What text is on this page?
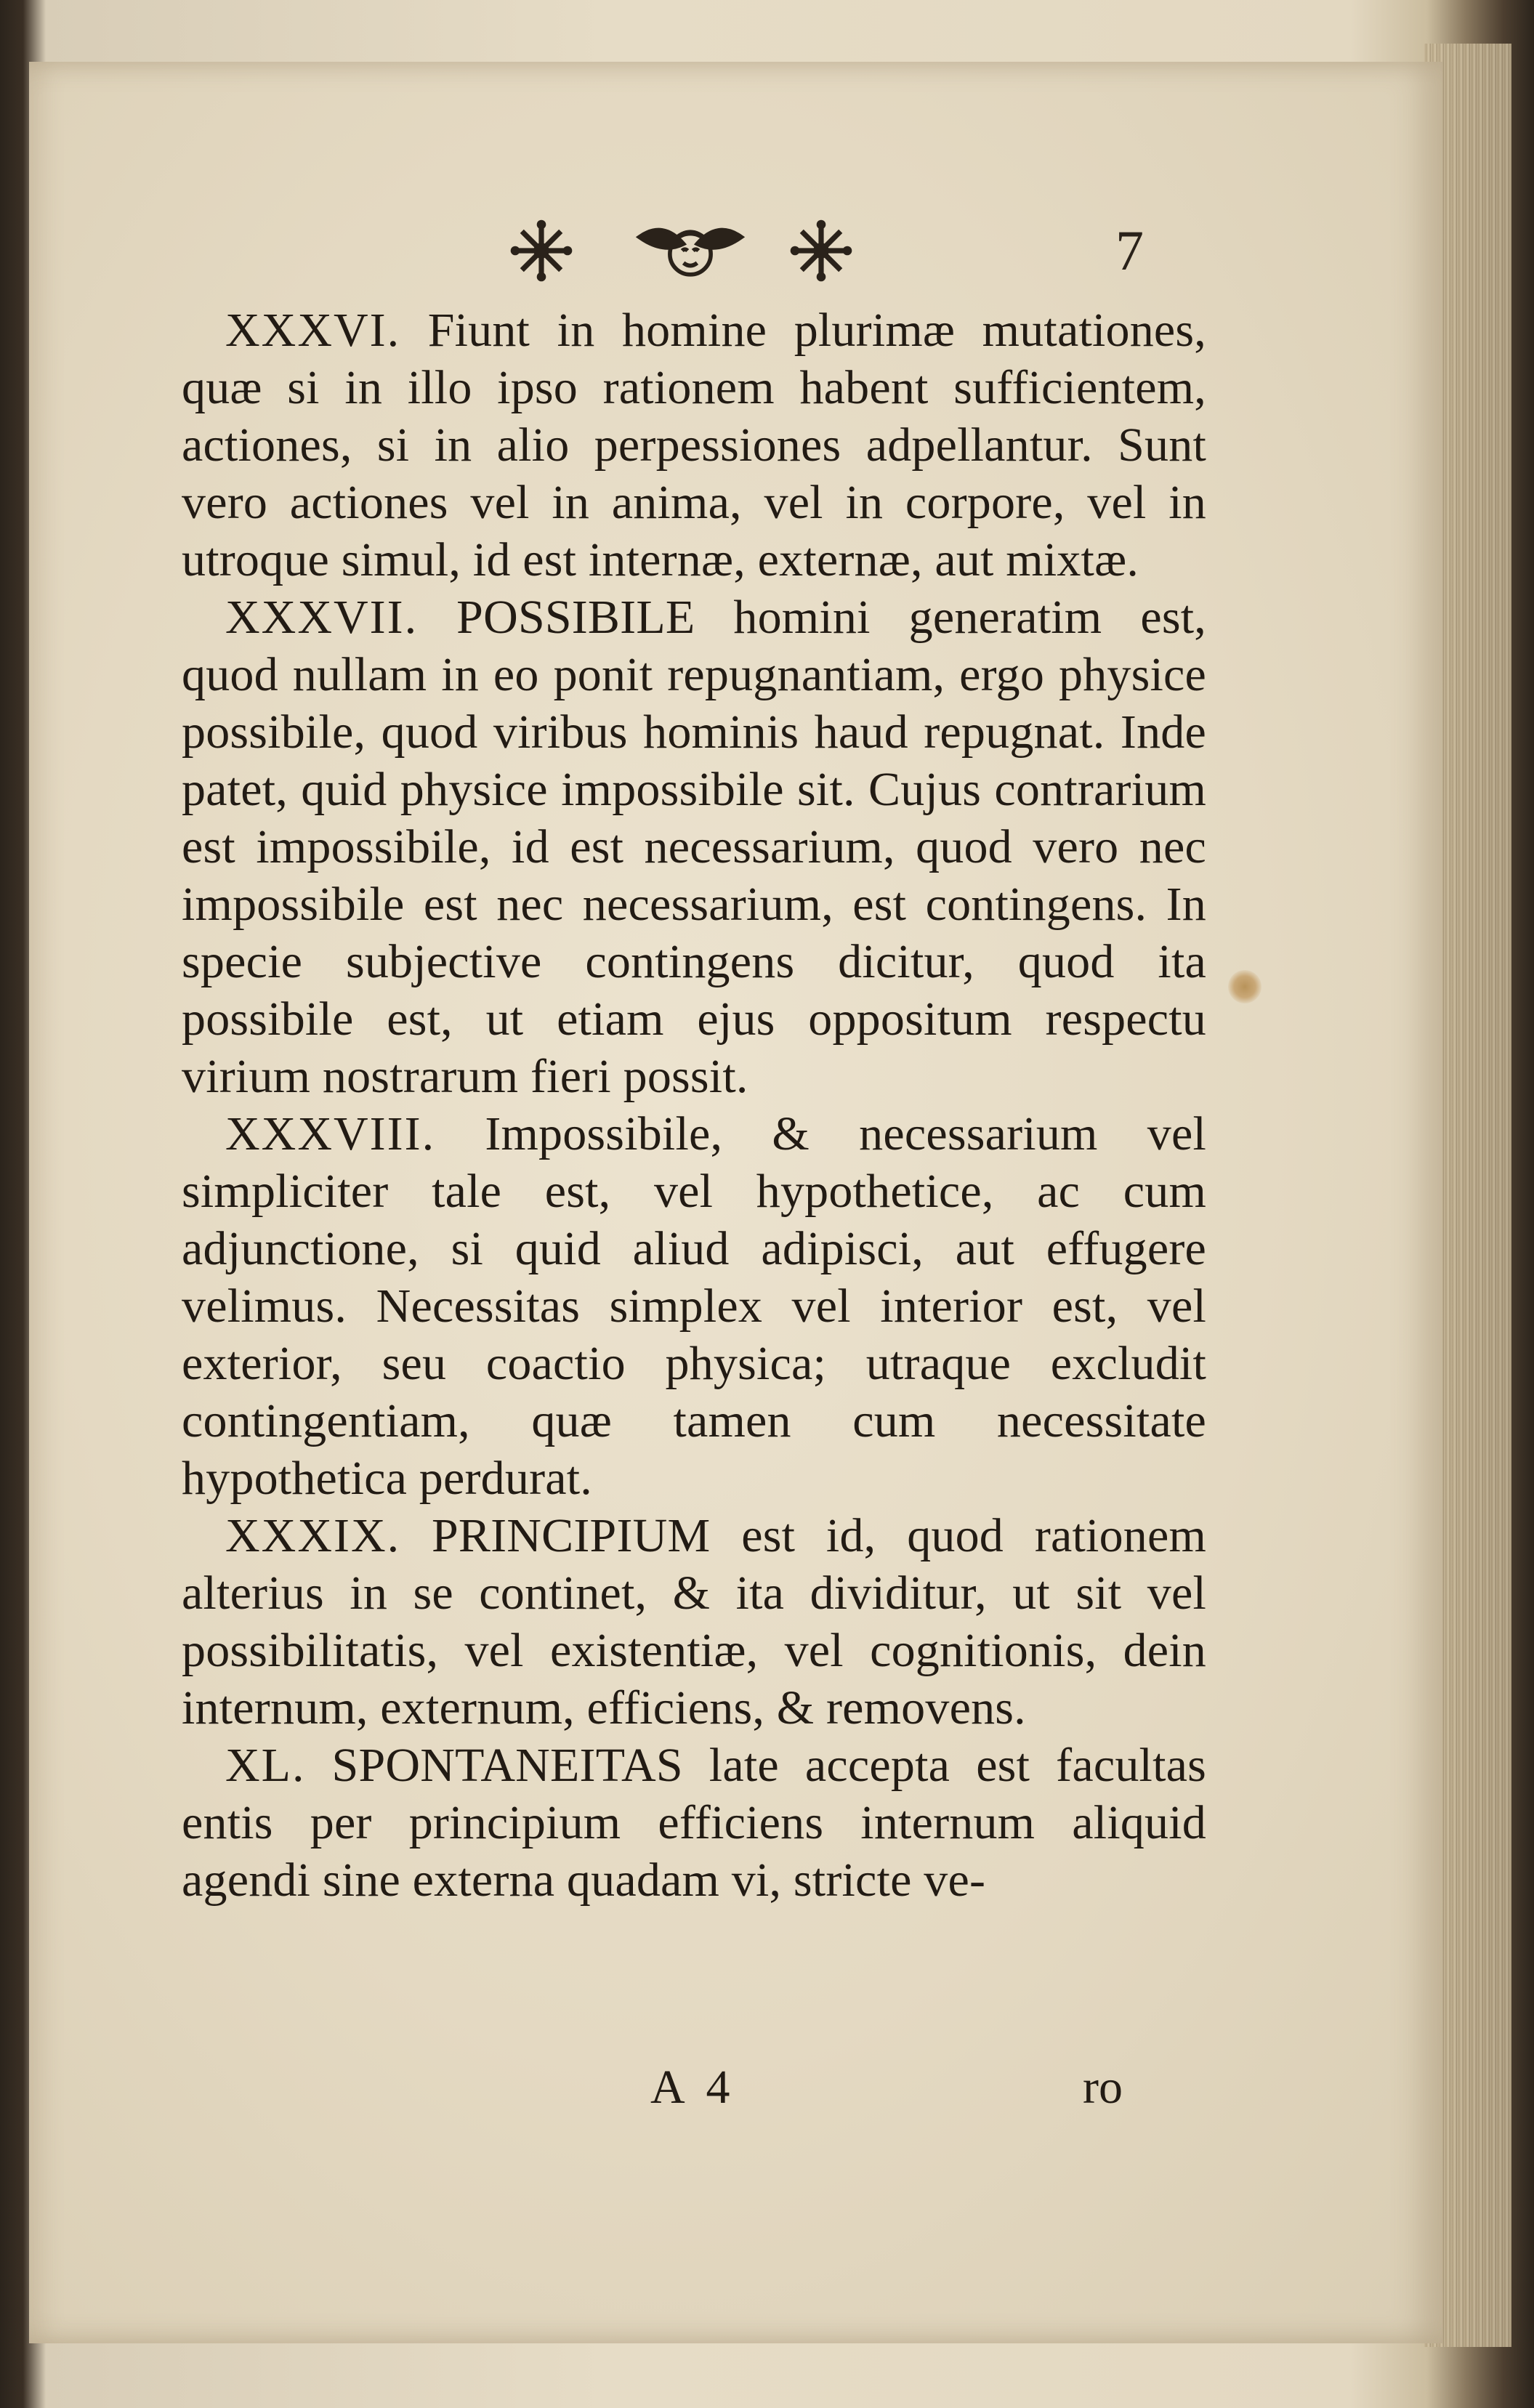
7

XXXVI. Fiunt in homine plurimæ mutationes, quæ si in illo ipso rationem habent sufficientem, actiones, si in alio perpessiones adpellantur. Sunt vero actiones vel in anima, vel in corpore, vel in utroque simul, id est internæ, externæ, aut mixtæ.

XXXVII. POSSIBILE homini generatim est, quod nullam in eo ponit repugnantiam, ergo physice possibile, quod viribus hominis haud repugnat. Inde patet, quid physice impossibile sit. Cujus contrarium est impossibile, id est necessarium, quod vero nec impossibile est nec necessarium, est contingens. In specie subjective contingens dicitur, quod ita possibile est, ut etiam ejus oppositum respectu virium nostrarum fieri possit.

XXXVIII. Impossibile, & necessarium vel simpliciter tale est, vel hypothetice, ac cum adjunctione, si quid aliud adipisci, aut effugere velimus. Necessitas simplex vel interior est, vel exterior, seu coactio physica; utraque excludit contingentiam, quæ tamen cum necessitate hypothetica perdurat.

XXXIX. PRINCIPIUM est id, quod rationem alterius in se continet, & ita dividitur, ut sit vel possibilitatis, vel existentiæ, vel cognitionis, dein internum, externum, efficiens, & removens.

XL. SPONTANEITAS late accepta est facultas entis per principium efficiens internum aliquid agendi sine externa quadam vi, stricte ve-

A 4	ro
